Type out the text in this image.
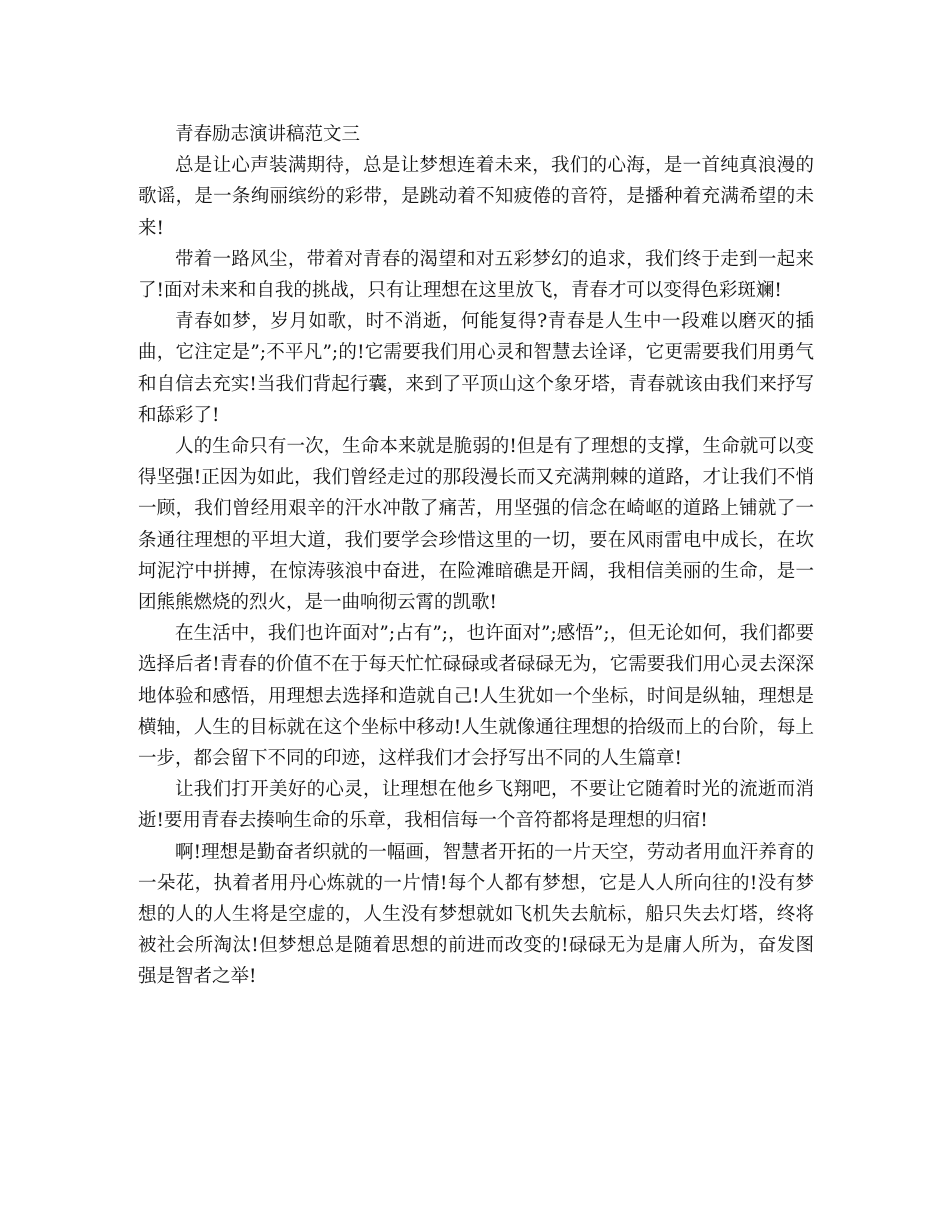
青春励志演讲稿范文三

总是让心声装满期待，总是让梦想连着未来，我们的心海，是一首纯真浪漫的歌谣，是一条绚丽缤纷的彩带，是跳动着不知疲倦的音符，是播种着充满希望的未来!

带着一路风尘，带着对青春的渴望和对五彩梦幻的追求，我们终于走到一起来了!面对未来和自我的挑战，只有让理想在这里放飞，青春才可以变得色彩斑斓!

青春如梦，岁月如歌，时不消逝，何能复得?青春是人生中一段难以磨灭的插曲，它注定是”;不平凡”;的!它需要我们用心灵和智慧去诠译，它更需要我们用勇气和自信去充实!当我们背起行囊，来到了平顶山这个象牙塔，青春就该由我们来抒写和舔彩了!

人的生命只有一次，生命本来就是脆弱的!但是有了理想的支撑，生命就可以变得坚强!正因为如此，我们曾经走过的那段漫长而又充满荆棘的道路，才让我们不悄一顾，我们曾经用艰辛的汗水冲散了痛苦，用坚强的信念在崎岖的道路上铺就了一条通往理想的平坦大道，我们要学会珍惜这里的一切，要在风雨雷电中成长，在坎坷泥泞中拼搏，在惊涛骇浪中奋进，在险滩暗礁是开阔，我相信美丽的生命，是一团熊熊燃烧的烈火，是一曲响彻云霄的凯歌!

在生活中，我们也许面对”;占有”;，也许面对”;感悟”;，但无论如何，我们都要选择后者!青春的价值不在于每天忙忙碌碌或者碌碌无为，它需要我们用心灵去深深地体验和感悟，用理想去选择和造就自己!人生犹如一个坐标，时间是纵轴，理想是横轴，人生的目标就在这个坐标中移动!人生就像通往理想的拾级而上的台阶，每上一步，都会留下不同的印迹，这样我们才会抒写出不同的人生篇章!

让我们打开美好的心灵，让理想在他乡飞翔吧，不要让它随着时光的流逝而消逝!要用青春去揍响生命的乐章，我相信每一个音符都将是理想的归宿!

啊!理想是勤奋者织就的一幅画，智慧者开拓的一片天空，劳动者用血汗养育的一朵花，执着者用丹心炼就的一片情!每个人都有梦想，它是人人所向往的!没有梦想的人的人生将是空虚的，人生没有梦想就如飞机失去航标，船只失去灯塔，终将被社会所淘汰!但梦想总是随着思想的前进而改变的!碌碌无为是庸人所为，奋发图强是智者之举!
